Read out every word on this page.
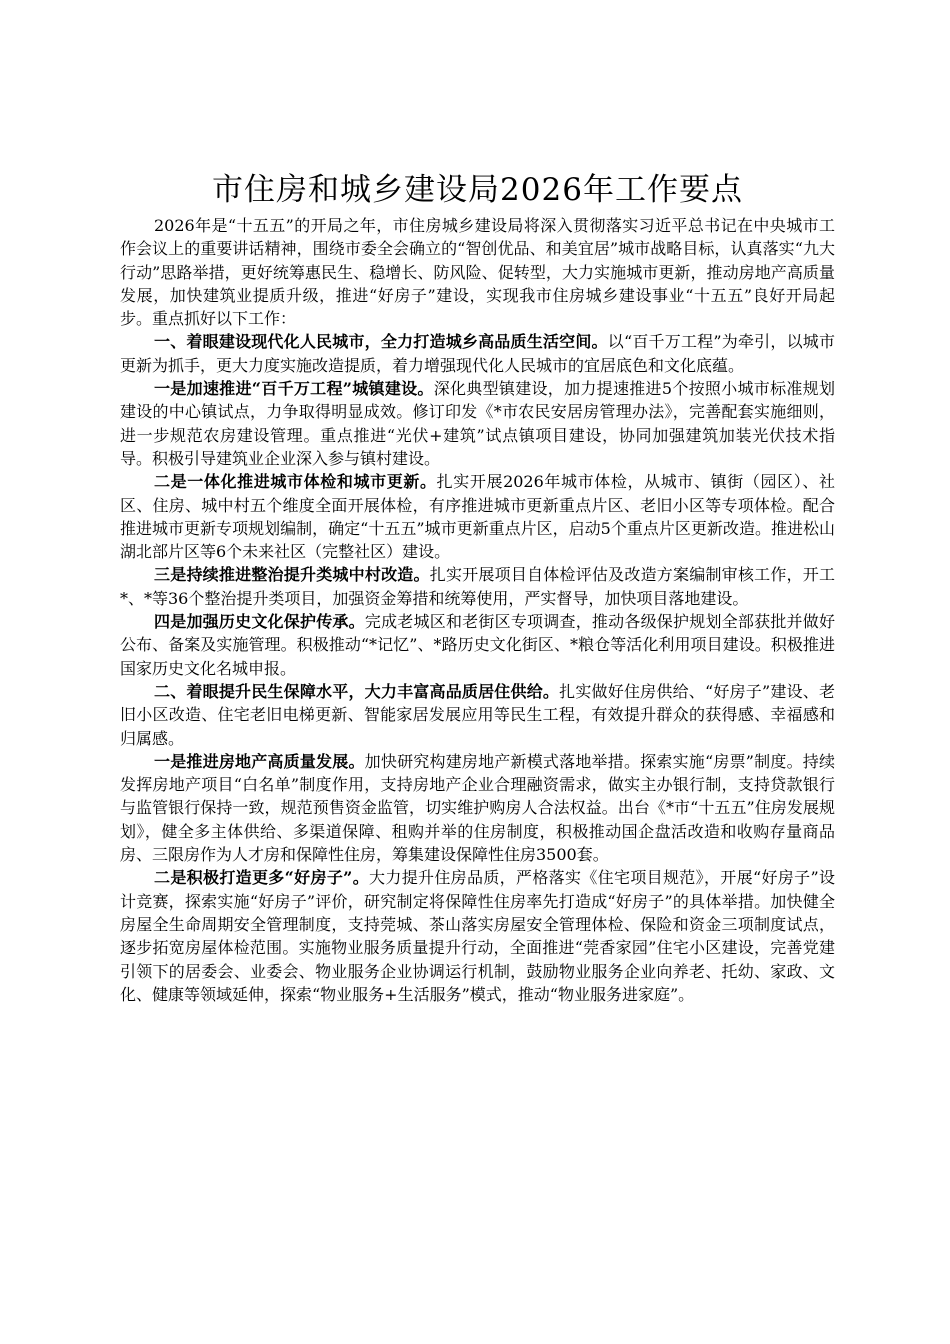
市住房和城乡建设局2026年工作要点

2026年是“十五五”的开局之年，市住房城乡建设局将深入贯彻落实习近平总书记在中央城市工作会议上的重要讲话精神，围绕市委全会确立的“智创优品、和美宜居”城市战略目标，认真落实“九大行动”思路举措，更好统筹惠民生、稳增长、防风险、促转型，大力实施城市更新，推动房地产高质量发展，加快建筑业提质升级，推进“好房子”建设，实现我市住房城乡建设事业“十五五”良好开局起步。重点抓好以下工作：

一、着眼建设现代化人民城市，全力打造城乡高品质生活空间。以“百千万工程”为牵引，以城市更新为抓手，更大力度实施改造提质，着力增强现代化人民城市的宜居底色和文化底蕴。

一是加速推进“百千万工程”城镇建设。深化典型镇建设，加力提速推进5个按照小城市标准规划建设的中心镇试点，力争取得明显成效。修订印发《*市农民安居房管理办法》，完善配套实施细则，进一步规范农房建设管理。重点推进“光伏+建筑”试点镇项目建设，协同加强建筑加装光伏技术指导。积极引导建筑业企业深入参与镇村建设。

二是一体化推进城市体检和城市更新。扎实开展2026年城市体检，从城市、镇街（园区）、社区、住房、城中村五个维度全面开展体检，有序推进城市更新重点片区、老旧小区等专项体检。配合推进城市更新专项规划编制，确定“十五五”城市更新重点片区，启动5个重点片区更新改造。推进松山湖北部片区等6个未来社区（完整社区）建设。

三是持续推进整治提升类城中村改造。扎实开展项目自体检评估及改造方案编制审核工作，开工*、*等36个整治提升类项目，加强资金筹措和统筹使用，严实督导，加快项目落地建设。

四是加强历史文化保护传承。完成老城区和老街区专项调查，推动各级保护规划全部获批并做好公布、备案及实施管理。积极推动“*记忆”、*路历史文化街区、*粮仓等活化利用项目建设。积极推进国家历史文化名城申报。

二、着眼提升民生保障水平，大力丰富高品质居住供给。扎实做好住房供给、“好房子”建设、老旧小区改造、住宅老旧电梯更新、智能家居发展应用等民生工程，有效提升群众的获得感、幸福感和归属感。

一是推进房地产高质量发展。加快研究构建房地产新模式落地举措。探索实施“房票”制度。持续发挥房地产项目“白名单”制度作用，支持房地产企业合理融资需求，做实主办银行制，支持贷款银行与监管银行保持一致，规范预售资金监管，切实维护购房人合法权益。出台《*市“十五五”住房发展规划》，健全多主体供给、多渠道保障、租购并举的住房制度，积极推动国企盘活改造和收购存量商品房、三限房作为人才房和保障性住房，筹集建设保障性住房3500套。

二是积极打造更多“好房子”。大力提升住房品质，严格落实《住宅项目规范》，开展“好房子”设计竞赛，探索实施“好房子”评价，研究制定将保障性住房率先打造成“好房子”的具体举措。加快健全房屋全生命周期安全管理制度，支持莞城、茶山落实房屋安全管理体检、保险和资金三项制度试点，逐步拓宽房屋体检范围。实施物业服务质量提升行动，全面推进“莞香家园”住宅小区建设，完善党建引领下的居委会、业委会、物业服务企业协调运行机制，鼓励物业服务企业向养老、托幼、家政、文化、健康等领域延伸，探索“物业服务+生活服务”模式，推动“物业服务进家庭”。
